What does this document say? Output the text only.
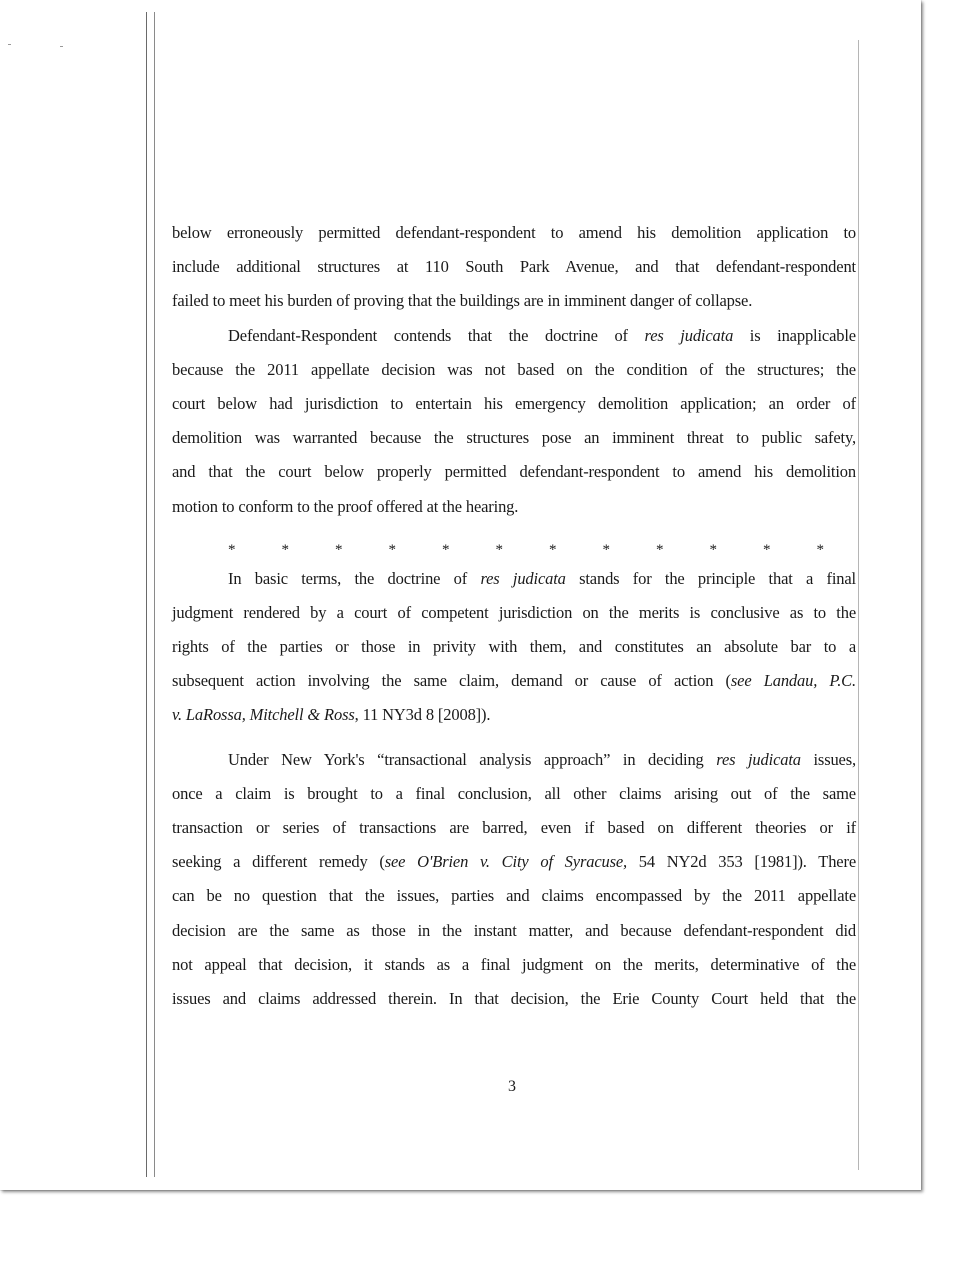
below erroneously permitted defendant-respondent to amend his demolition application to
include additional structures at 110 South Park Avenue, and that defendant-respondent
failed to meet his burden of proving that the buildings are in imminent danger of collapse.
Defendant-Respondent contends that the doctrine of res judicata is inapplicable
because the 2011 appellate decision was not based on the condition of the structures; the
court below had jurisdiction to entertain his emergency demolition application; an order of
demolition was warranted because the structures pose an imminent threat to public safety,
and that the court below properly permitted defendant-respondent to amend his demolition
motion to conform to the proof offered at the hearing.
In basic terms, the doctrine of res judicata stands for the principle that a final
judgment rendered by a court of competent jurisdiction on the merits is conclusive as to the
rights of the parties or those in privity with them, and constitutes an absolute bar to a
subsequent action involving the same claim, demand or cause of action (see Landau, P.C.
v. LaRossa, Mitchell & Ross, 11 NY3d 8 [2008]).
Under New York's “transactional analysis approach” in deciding res judicata issues,
once a claim is brought to a final conclusion, all other claims arising out of the same
transaction or series of transactions are barred, even if based on different theories or if
seeking a different remedy (see O'Brien v. City of Syracuse, 54 NY2d 353 [1981]). There
can be no question that the issues, parties and claims encompassed by the 2011 appellate
decision are the same as those in the instant matter, and because defendant-respondent did
not appeal that decision, it stands as a final judgment on the merits, determinative of the
issues and claims addressed therein. In that decision, the Erie County Court held that the
*	*	*	*	*	*	*	*	*	*	*	*
3
